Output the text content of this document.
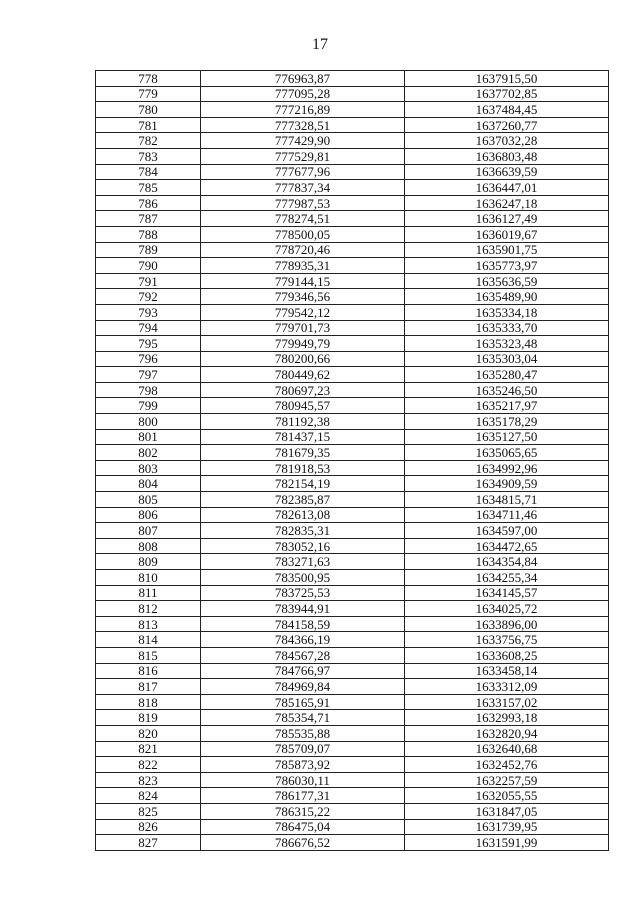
17
778	776963,87	1637915,50
779	777095,28	1637702,85
780	777216,89	1637484,45
781	777328,51	1637260,77
782	777429,90	1637032,28
783	777529,81	1636803,48
784	777677,96	1636639,59
785	777837,34	1636447,01
786	777987,53	1636247,18
787	778274,51	1636127,49
788	778500,05	1636019,67
789	778720,46	1635901,75
790	778935,31	1635773,97
791	779144,15	1635636,59
792	779346,56	1635489,90
793	779542,12	1635334,18
794	779701,73	1635333,70
795	779949,79	1635323,48
796	780200,66	1635303,04
797	780449,62	1635280,47
798	780697,23	1635246,50
799	780945,57	1635217,97
800	781192,38	1635178,29
801	781437,15	1635127,50
802	781679,35	1635065,65
803	781918,53	1634992,96
804	782154,19	1634909,59
805	782385,87	1634815,71
806	782613,08	1634711,46
807	782835,31	1634597,00
808	783052,16	1634472,65
809	783271,63	1634354,84
810	783500,95	1634255,34
811	783725,53	1634145,57
812	783944,91	1634025,72
813	784158,59	1633896,00
814	784366,19	1633756,75
815	784567,28	1633608,25
816	784766,97	1633458,14
817	784969,84	1633312,09
818	785165,91	1633157,02
819	785354,71	1632993,18
820	785535,88	1632820,94
821	785709,07	1632640,68
822	785873,92	1632452,76
823	786030,11	1632257,59
824	786177,31	1632055,55
825	786315,22	1631847,05
826	786475,04	1631739,95
827	786676,52	1631591,99
